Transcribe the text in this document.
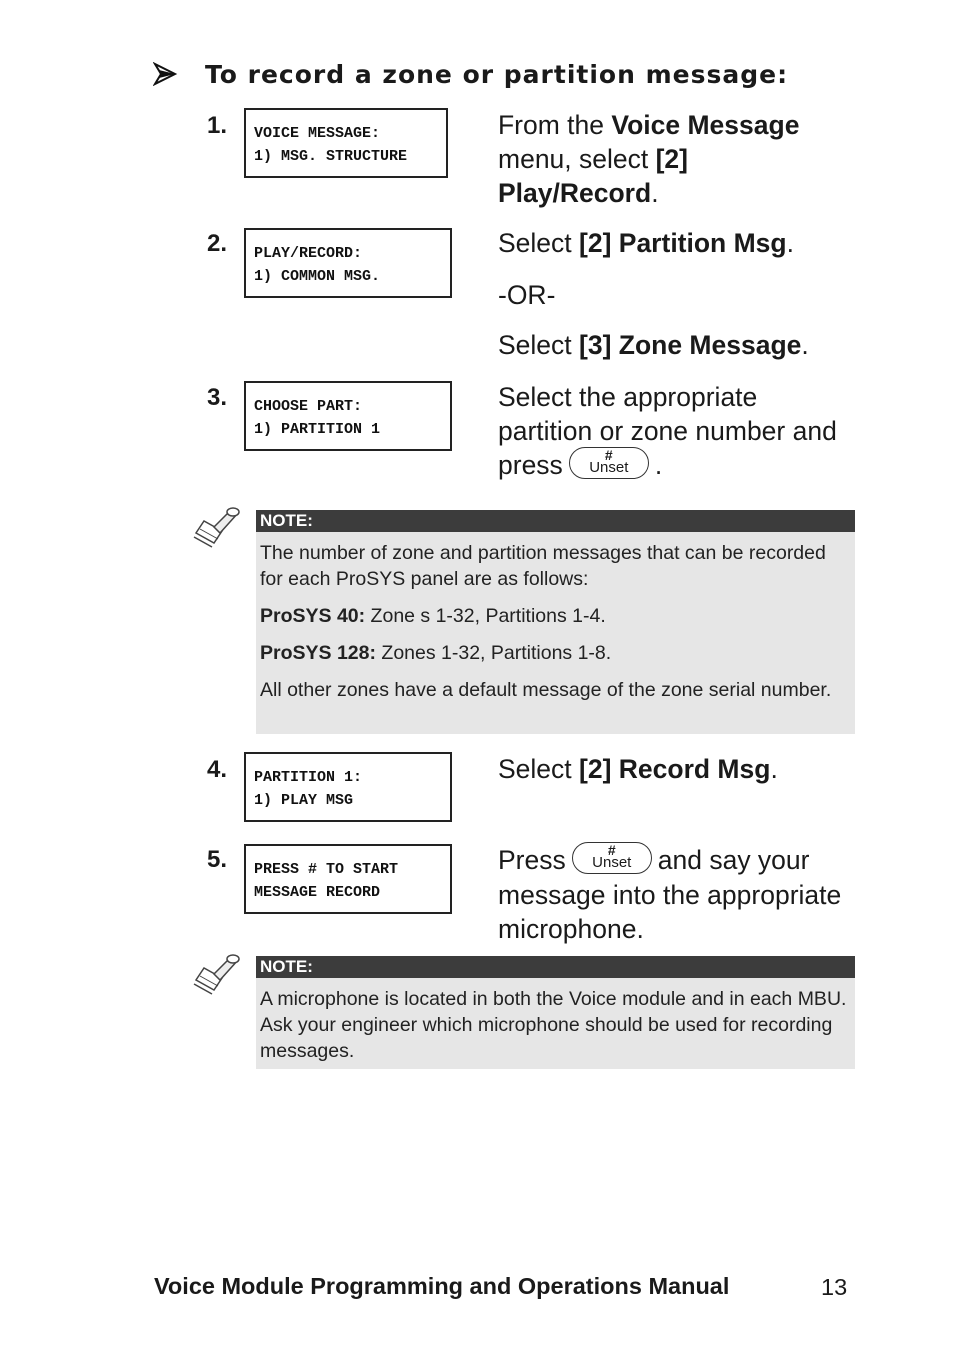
To record a zone or partition message:
1. VOICE MESSAGE:
1) MSG. STRUCTURE
From the Voice Message menu, select [2] Play/Record.
2. PLAY/RECORD:
1) COMMON MSG.
Select [2] Partition Msg.
-OR-
Select [3] Zone Message.
3. CHOOSE PART:
1) PARTITION 1
Select the appropriate partition or zone number and press	#
Unset .
NOTE:

The number of zone and partition messages that can be recorded for each ProSYS panel are as follows:

ProSYS 40: Zone s 1-32, Partitions 1-4.

ProSYS 128: Zones 1-32, Partitions 1-8.

All other zones have a default message of the zone serial number.

4. PARTITION 1:
1) PLAY MSG
Select [2] Record Msg.
5. PRESS # TO START
MESSAGE RECORD
Press	#
Unset and say your message into the appropriate microphone.
NOTE:

A microphone is located in both the Voice module and in each MBU. Ask your engineer which microphone should be used for recording messages.

Voice Module Programming and Operations Manual	13
